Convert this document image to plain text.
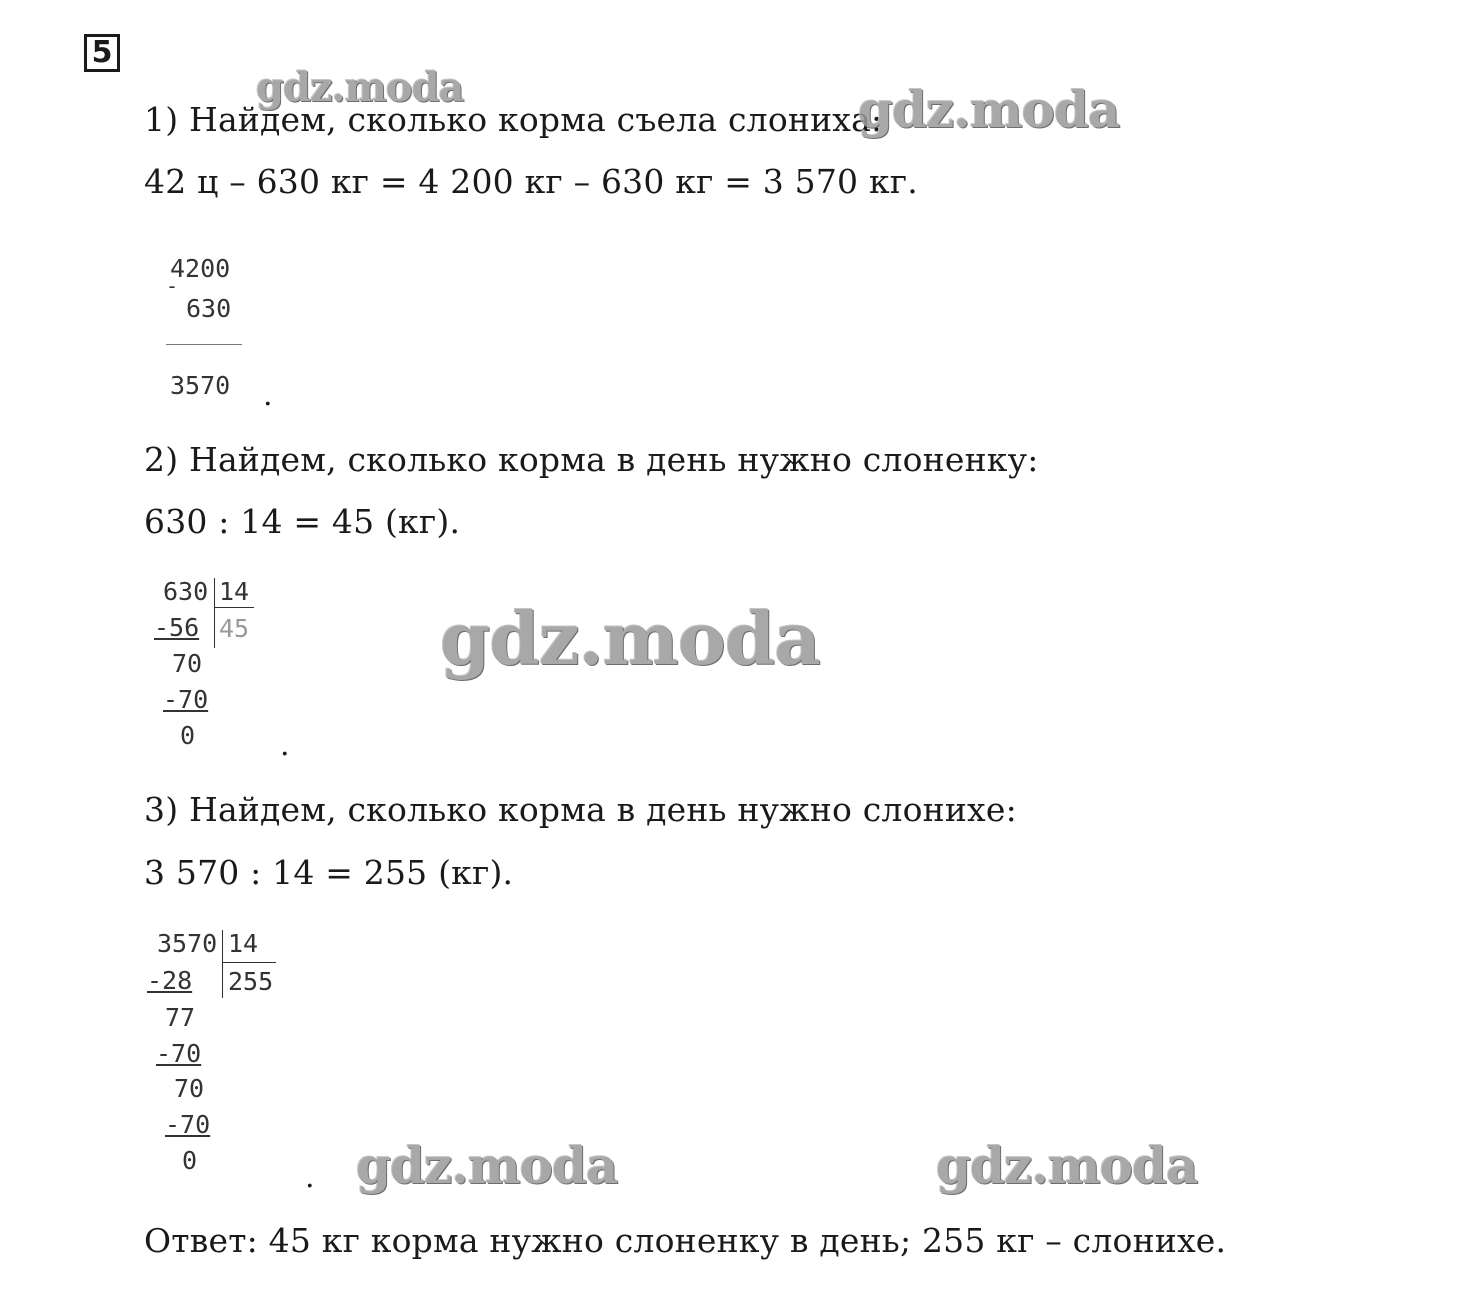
5
1) Найдем, сколько корма съела слониха:
42 ц – 630 кг = 4 200 кг – 630 кг = 3 570 кг.
4200
-
630
3570 .
2) Найдем, сколько корма в день нужно слоненку:
630 : 14 = 45 (кг).
630 14
45
-56
70
-70
0	.
3) Найдем, сколько корма в день нужно слонихе:
3 570 : 14 = 255 (кг).
3570 14
255
-28
77
-70
70
-70
0	.
Ответ: 45 кг корма нужно слоненку в день; 255 кг – слонихе.
gdz.moda	gdz.moda
gdz.moda
gdz.moda	gdz.moda
